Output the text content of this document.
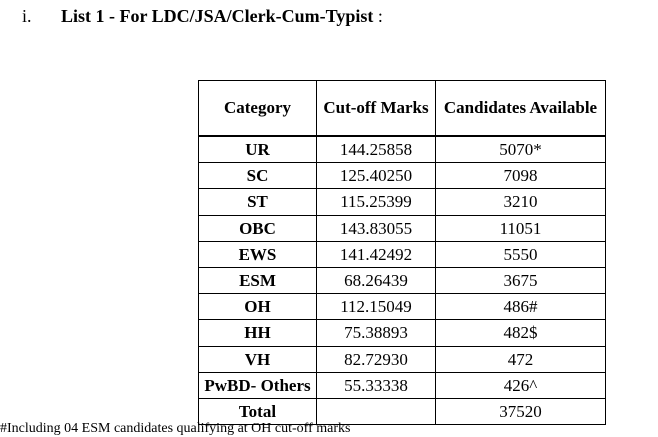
i. List 1 - For LDC/JSA/Clerk-Cum-Typist :
Category	Cut-off Marks	Candidates Available
UR	144.25858	5070*
SC	125.40250	7098
ST	115.25399	3210
OBC	143.83055	11051
EWS	141.42492	5550
ESM	68.26439	3675
OH	112.15049	486#
HH	75.38893	482$
VH	82.72930	472
PwBD- Others	55.33338	426^
Total		37520
#Including 04 ESM candidates qualifying at OH cut-off marks
